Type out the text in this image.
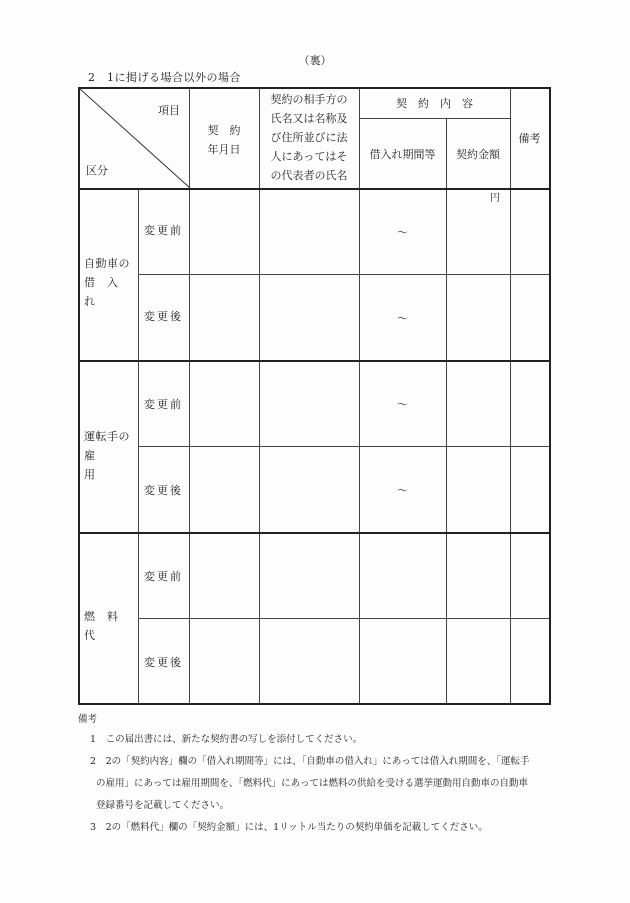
（裏）
2　1に掲げる場合以外の場合
項目
区分
契　約
年月日
契約の相手方の
氏名又は名称及
び住所並びに法
人にあってはそ
の代表者の氏名
契　約　内　容
借入れ期間等	契約金額
備考
自動車の
借　入　れ
変更前
変更後
～
～
円
運転手の
雇　　　用
変更前
変更後
～
～
燃　料　代
変更前
変更後
備考
1　 この届出書には、新たな契約書の写しを添付してください。
2　 2の「契約内容」欄の「借入れ期間等」には、「自動車の借入れ」にあっては借入れ期間を、「運転手
の雇用」にあっては雇用期間を、「燃料代」にあっては燃料の供給を受ける選挙運動用自動車の自動車
登録番号を記載してください。
3　 2の「燃料代」欄の「契約金額」には、1リットル当たりの契約単価を記載してください。
